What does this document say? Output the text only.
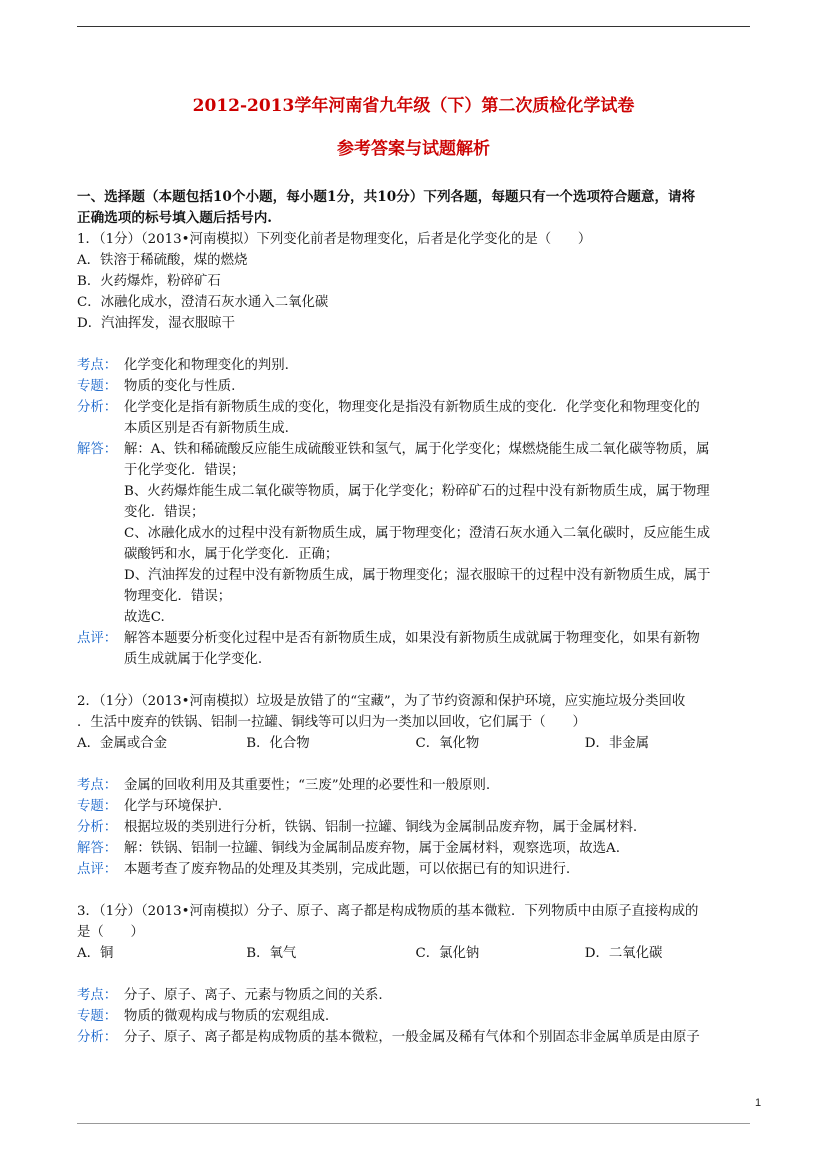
2012-2013学年河南省九年级（下）第二次质检化学试卷
参考答案与试题解析
一、选择题（本题包括10个小题，每小题1分，共10分）下列各题，每题只有一个选项符合题意，请将
正确选项的标号填入题后括号内.
1．（1分）（2013•河南模拟）下列变化前者是物理变化，后者是化学变化的是（　　）
A．铁溶于稀硫酸，煤的燃烧
B．火药爆炸，粉碎矿石
C．冰融化成水，澄清石灰水通入二氧化碳
D．汽油挥发，湿衣服晾干
考点： 化学变化和物理变化的判别.
专题： 物质的变化与性质.
分析： 化学变化是指有新物质生成的变化，物理变化是指没有新物质生成的变化．化学变化和物理变化的
本质区别是否有新物质生成.
解答： 解：A、铁和稀硫酸反应能生成硫酸亚铁和氢气，属于化学变化；煤燃烧能生成二氧化碳等物质，属
于化学变化．错误；
B、火药爆炸能生成二氧化碳等物质，属于化学变化；粉碎矿石的过程中没有新物质生成，属于物理
变化．错误；
C、冰融化成水的过程中没有新物质生成，属于物理变化；澄清石灰水通入二氧化碳时，反应能生成
碳酸钙和水，属于化学变化．正确；
D、汽油挥发的过程中没有新物质生成，属于物理变化；湿衣服晾干的过程中没有新物质生成，属于
物理变化．错误；
故选C.
点评： 解答本题要分析变化过程中是否有新物质生成，如果没有新物质生成就属于物理变化，如果有新物
质生成就属于化学变化.
2．（1分）（2013•河南模拟）垃圾是放错了的“宝藏”，为了节约资源和保护环境，应实施垃圾分类回收
．生活中废弃的铁锅、铝制一拉罐、铜线等可以归为一类加以回收，它们属于（　　）
A．金属或合金	B．化合物	C．氧化物	D．非金属
考点： 金属的回收利用及其重要性；“三废”处理的必要性和一般原则.
专题： 化学与环境保护.
分析： 根据垃圾的类别进行分析，铁锅、铝制一拉罐、铜线为金属制品废弃物，属于金属材料.
解答： 解：铁锅、铝制一拉罐、铜线为金属制品废弃物，属于金属材料，观察选项，故选A.
点评： 本题考查了废弃物品的处理及其类别，完成此题，可以依据已有的知识进行.
3．（1分）（2013•河南模拟）分子、原子、离子都是构成物质的基本微粒．下列物质中由原子直接构成的
是（　　）
A．铜	B．氧气	C．氯化钠	D．二氧化碳
考点： 分子、原子、离子、元素与物质之间的关系.
专题： 物质的微观构成与物质的宏观组成.
分析： 分子、原子、离子都是构成物质的基本微粒，一般金属及稀有气体和个别固态非金属单质是由原子
1
